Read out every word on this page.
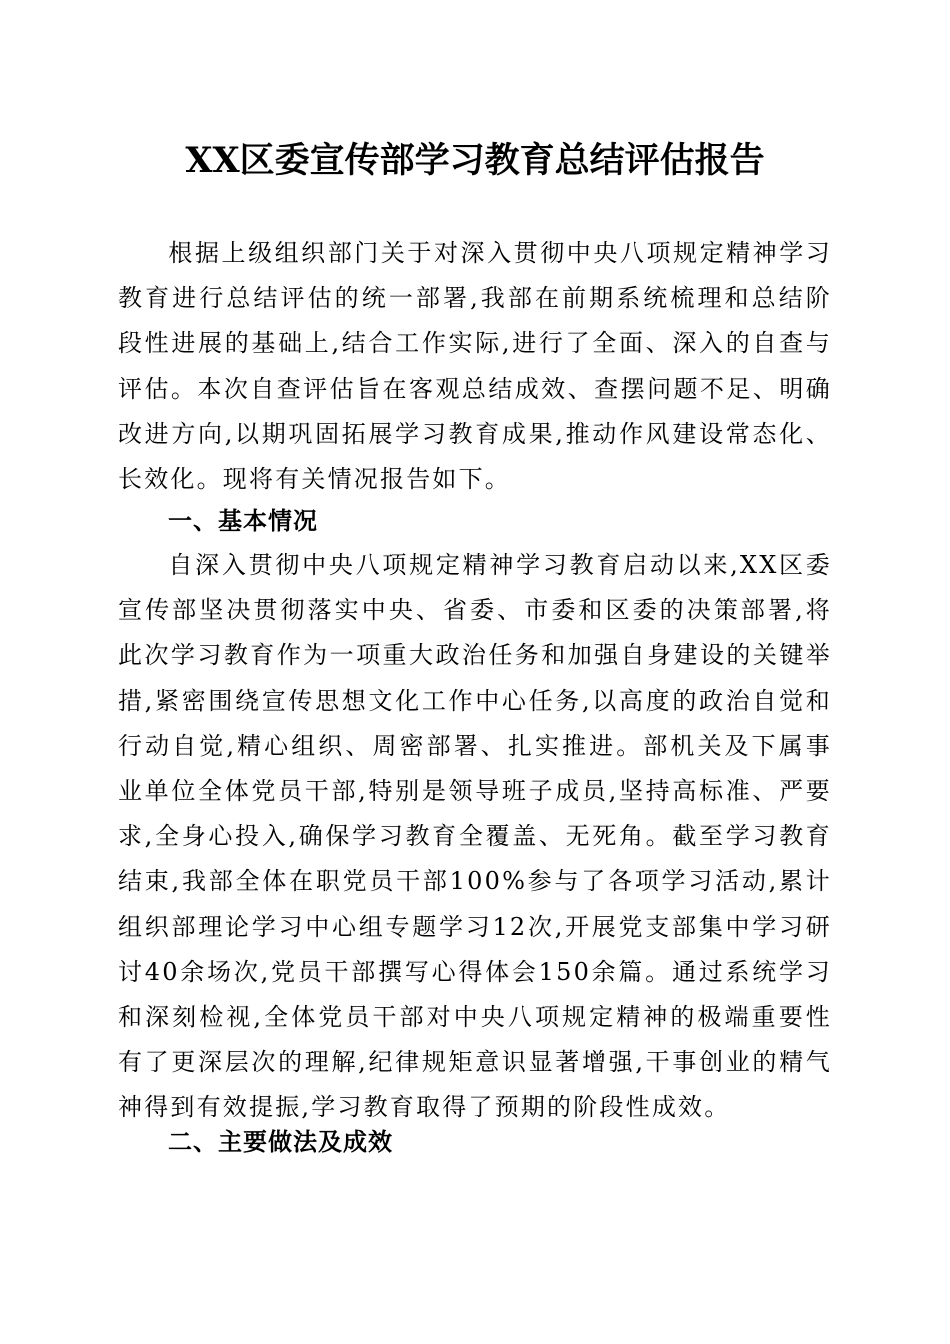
XX区委宣传部学习教育总结评估报告

根据上级组织部门关于对深入贯彻中央八项规定精神学习教育进行总结评估的统一部署,我部在前期系统梳理和总结阶段性进展的基础上,结合工作实际,进行了全面、深入的自查与评估。本次自查评估旨在客观总结成效、查摆问题不足、明确改进方向,以期巩固拓展学习教育成果,推动作风建设常态化、长效化。现将有关情况报告如下。

一、基本情况

自深入贯彻中央八项规定精神学习教育启动以来,XX区委宣传部坚决贯彻落实中央、省委、市委和区委的决策部署,将此次学习教育作为一项重大政治任务和加强自身建设的关键举措,紧密围绕宣传思想文化工作中心任务,以高度的政治自觉和行动自觉,精心组织、周密部署、扎实推进。部机关及下属事业单位全体党员干部,特别是领导班子成员,坚持高标准、严要求,全身心投入,确保学习教育全覆盖、无死角。截至学习教育结束,我部全体在职党员干部100%参与了各项学习活动,累计组织部理论学习中心组专题学习12次,开展党支部集中学习研讨40余场次,党员干部撰写心得体会150余篇。通过系统学习和深刻检视,全体党员干部对中央八项规定精神的极端重要性有了更深层次的理解,纪律规矩意识显著增强,干事创业的精气神得到有效提振,学习教育取得了预期的阶段性成效。

二、主要做法及成效
